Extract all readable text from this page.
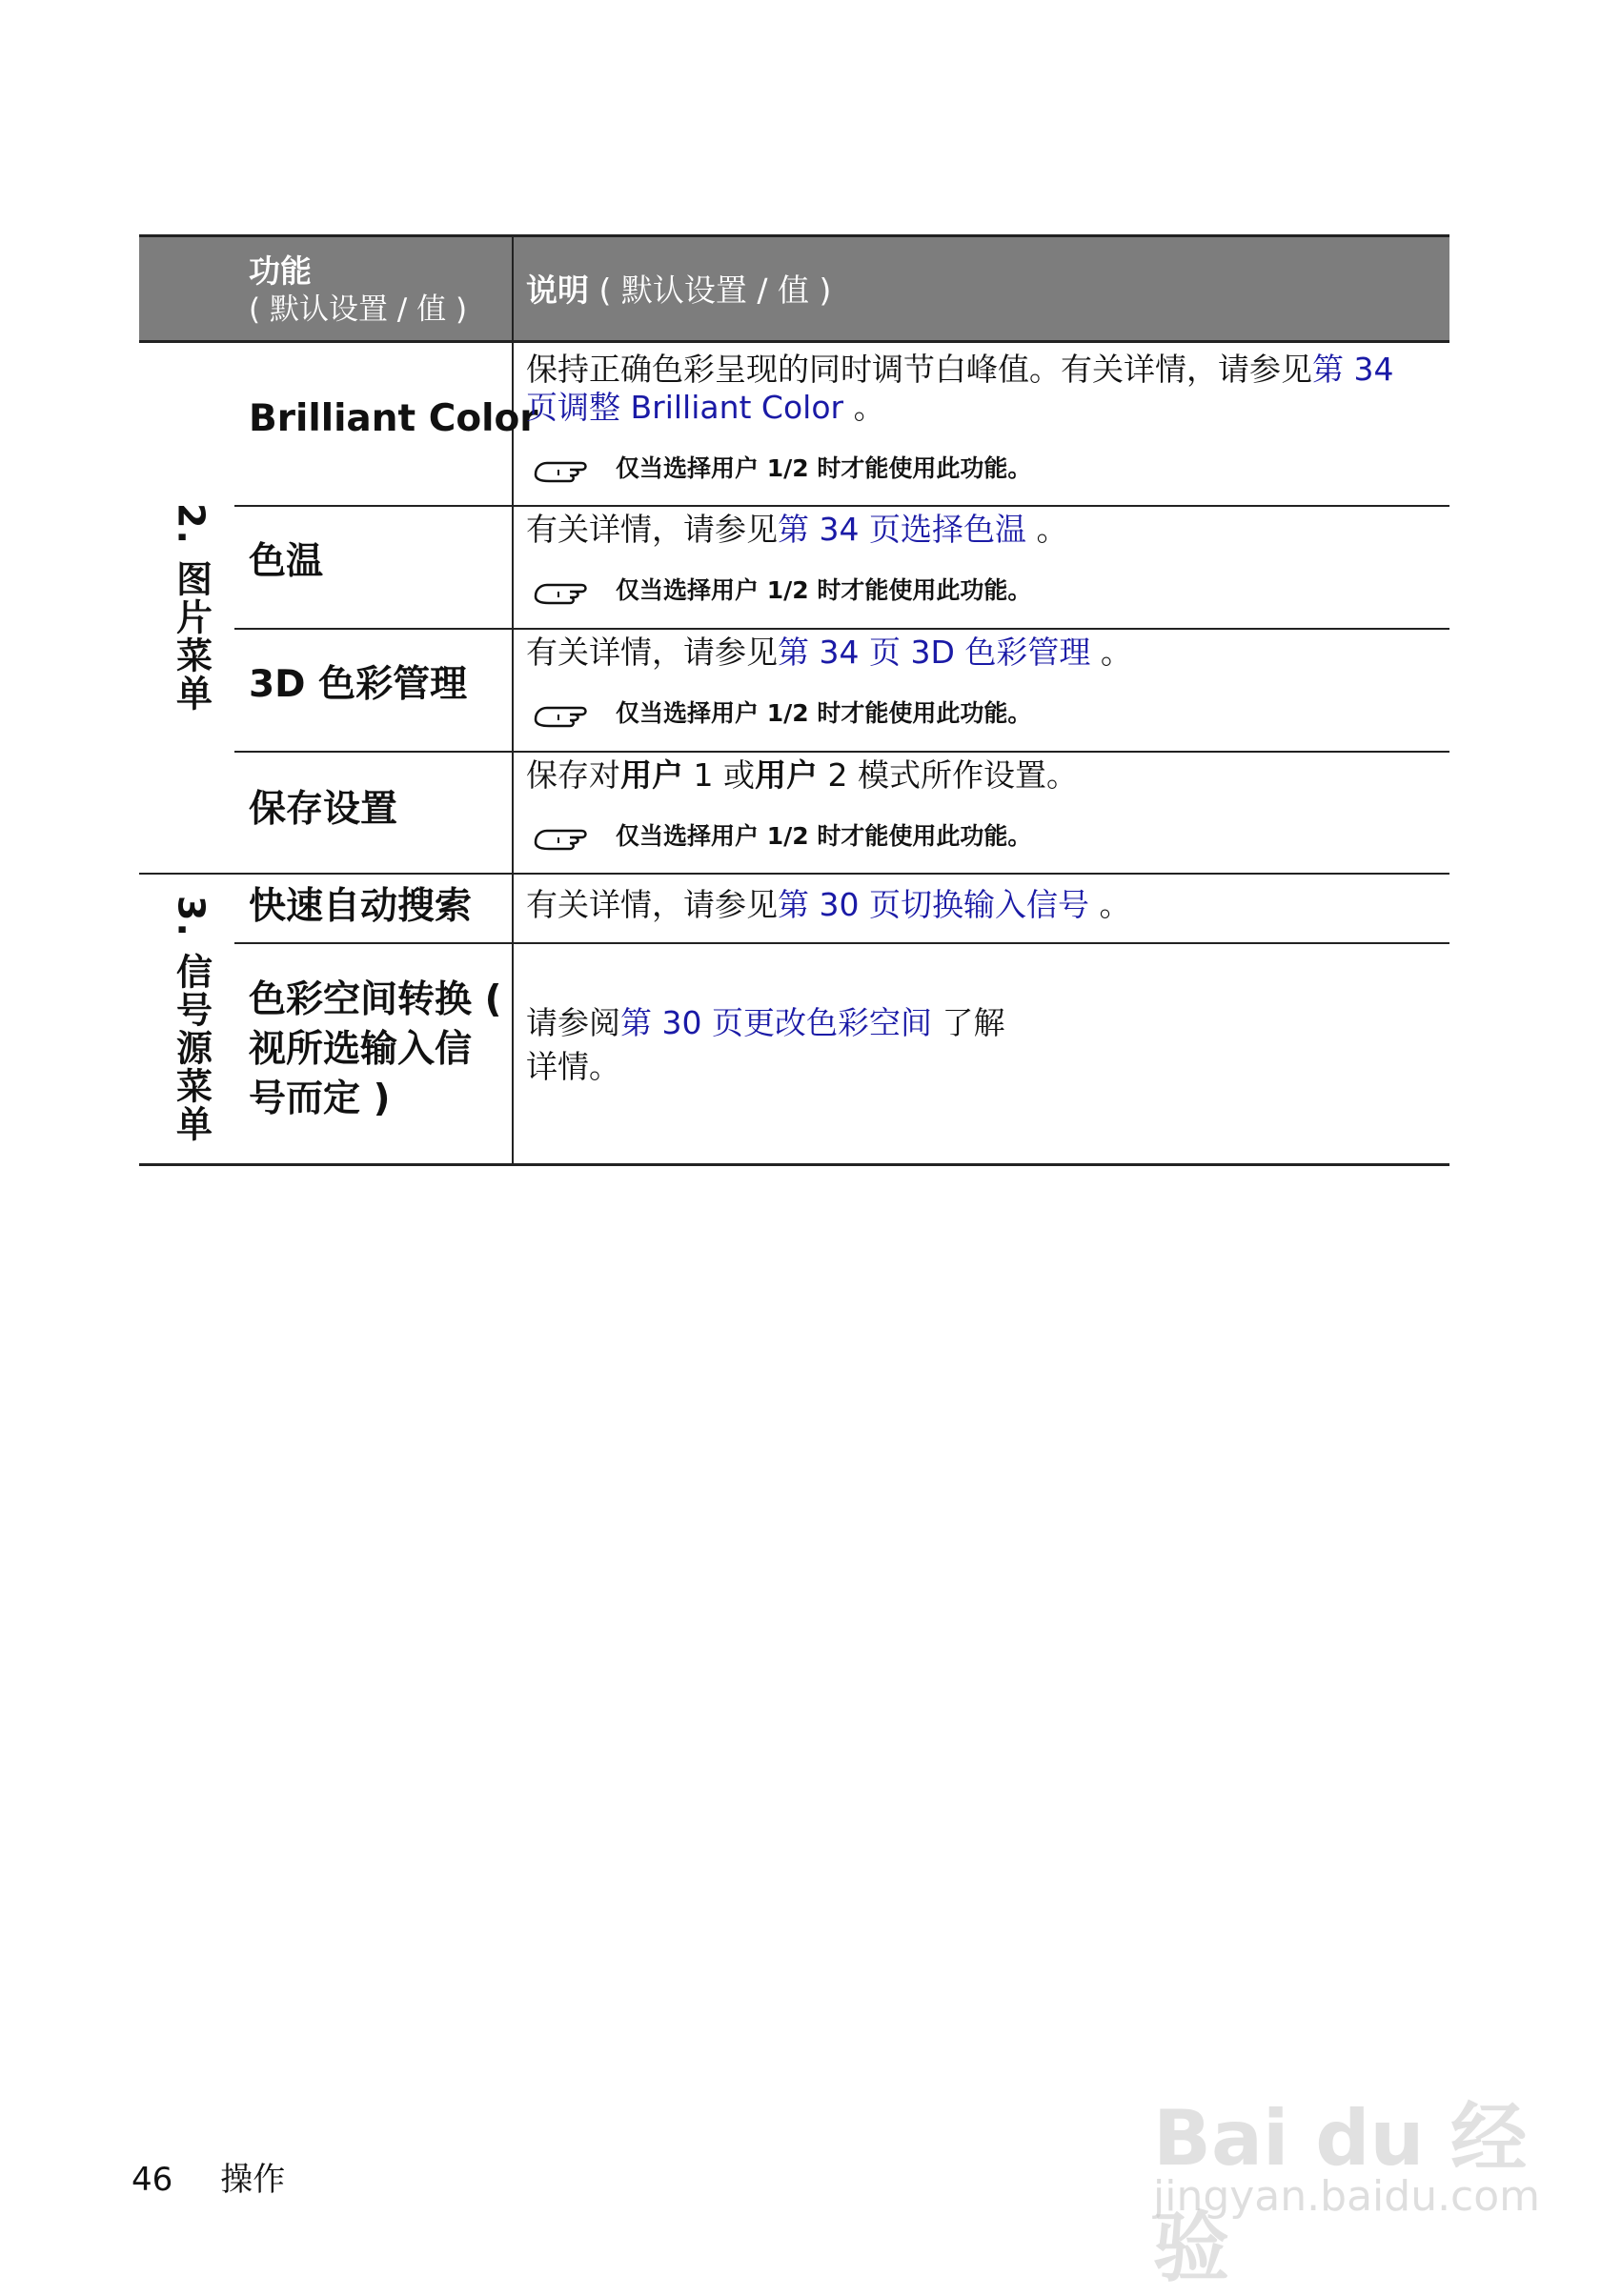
功能
( 默认设置 / 值 )
说明 ( 默认设置 / 值 )
2. 图片菜单
3. 信号源菜单
Brilliant Color
保持正确色彩呈现的同时调节白峰值。有关详情，请参见第 34
页调整 Brilliant Color 。
仅当选择用户 1/2 时才能使用此功能。
色温
有关详情，请参见第 34 页选择色温 。
仅当选择用户 1/2 时才能使用此功能。
3D 色彩管理
有关详情，请参见第 34 页 3D 色彩管理 。
仅当选择用户 1/2 时才能使用此功能。
保存设置
保存对用户 1 或用户 2 模式所作设置。
仅当选择用户 1/2 时才能使用此功能。
快速自动搜索 有关详情，请参见第 30 页切换输入信号 。
色彩空间转换 (
视所选输入信
号而定 )
请参阅第 30 页更改色彩空间 了解
详情。
46 操作	Bai du 经验
jingyan.baidu.com
